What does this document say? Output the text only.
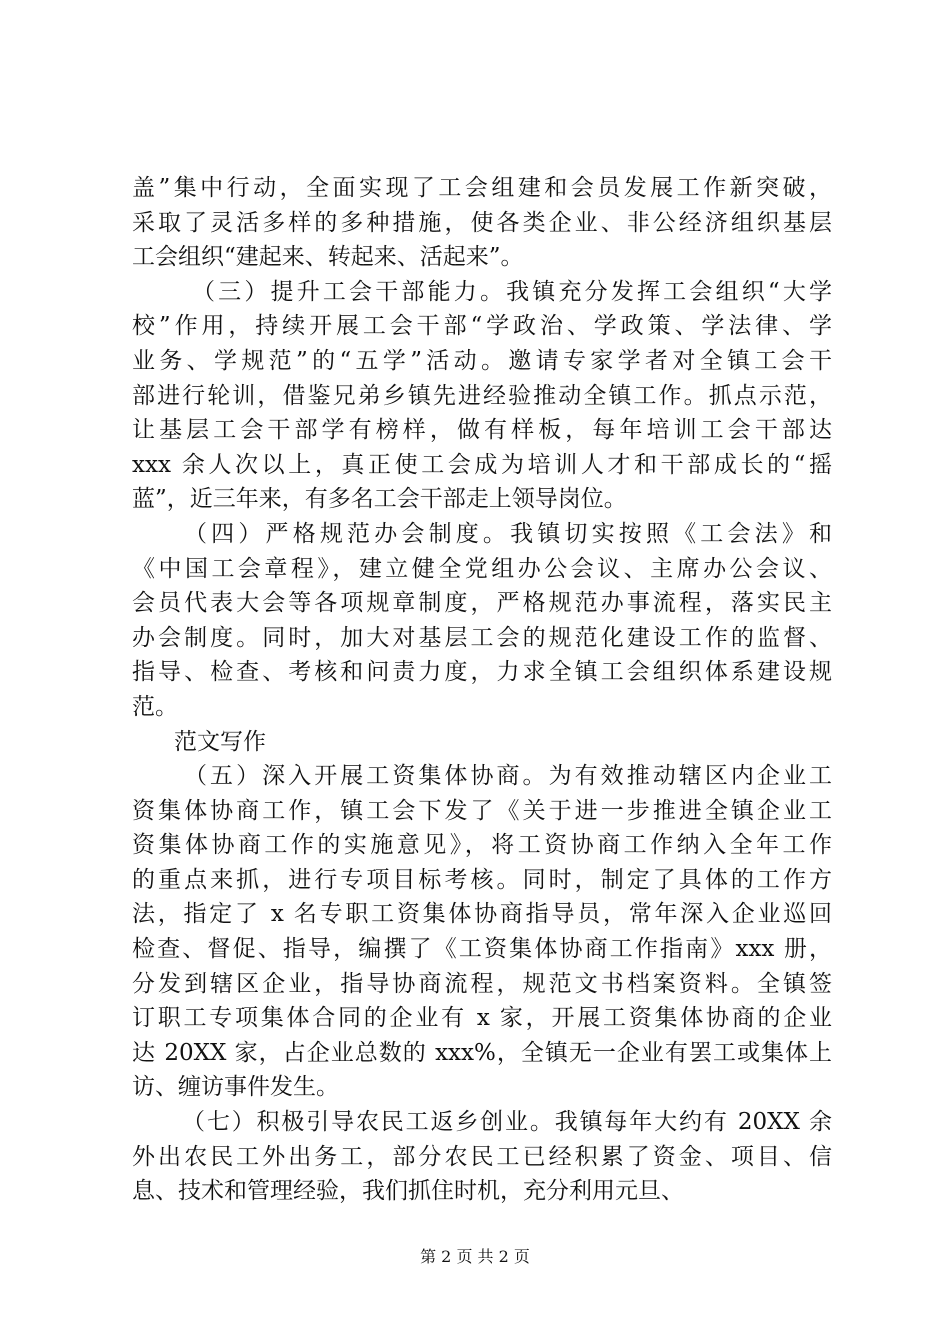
盖”集中行动，全面实现了工会组建和会员发展工作新突破，
采取了灵活多样的多种措施，使各类企业、非公经济组织基层
工会组织“建起来、转起来、活起来”。
（三）提升工会干部能力。我镇充分发挥工会组织“大学
校”作用，持续开展工会干部“学政治、学政策、学法律、学
业务、学规范”的“五学”活动。邀请专家学者对全镇工会干
部进行轮训，借鉴兄弟乡镇先进经验推动全镇工作。抓点示范，
让基层工会干部学有榜样，做有样板，每年培训工会干部达
xxx 余人次以上，真正使工会成为培训人才和干部成长的“摇
蓝”，近三年来，有多名工会干部走上领导岗位。
（四）严格规范办会制度。我镇切实按照《工会法》和
《中国工会章程》，建立健全党组办公会议、主席办公会议、
会员代表大会等各项规章制度，严格规范办事流程，落实民主
办会制度。同时，加大对基层工会的规范化建设工作的监督、
指导、检查、考核和问责力度，力求全镇工会组织体系建设规
范。
范文写作
（五）深入开展工资集体协商。为有效推动辖区内企业工
资集体协商工作，镇工会下发了《关于进一步推进全镇企业工
资集体协商工作的实施意见》，将工资协商工作纳入全年工作
的重点来抓，进行专项目标考核。同时，制定了具体的工作方
法，指定了 x 名专职工资集体协商指导员，常年深入企业巡回
检查、督促、指导，编撰了《工资集体协商工作指南》xxx 册，
分发到辖区企业，指导协商流程，规范文书档案资料。全镇签
订职工专项集体合同的企业有 x 家，开展工资集体协商的企业
达 20XX 家，占企业总数的 xxx%，全镇无一企业有罢工或集体上
访、缠访事件发生。
（七）积极引导农民工返乡创业。我镇每年大约有 20XX 余
外出农民工外出务工，部分农民工已经积累了资金、项目、信
息、技术和管理经验，我们抓住时机，充分利用元旦、
第 2 页 共 2 页
